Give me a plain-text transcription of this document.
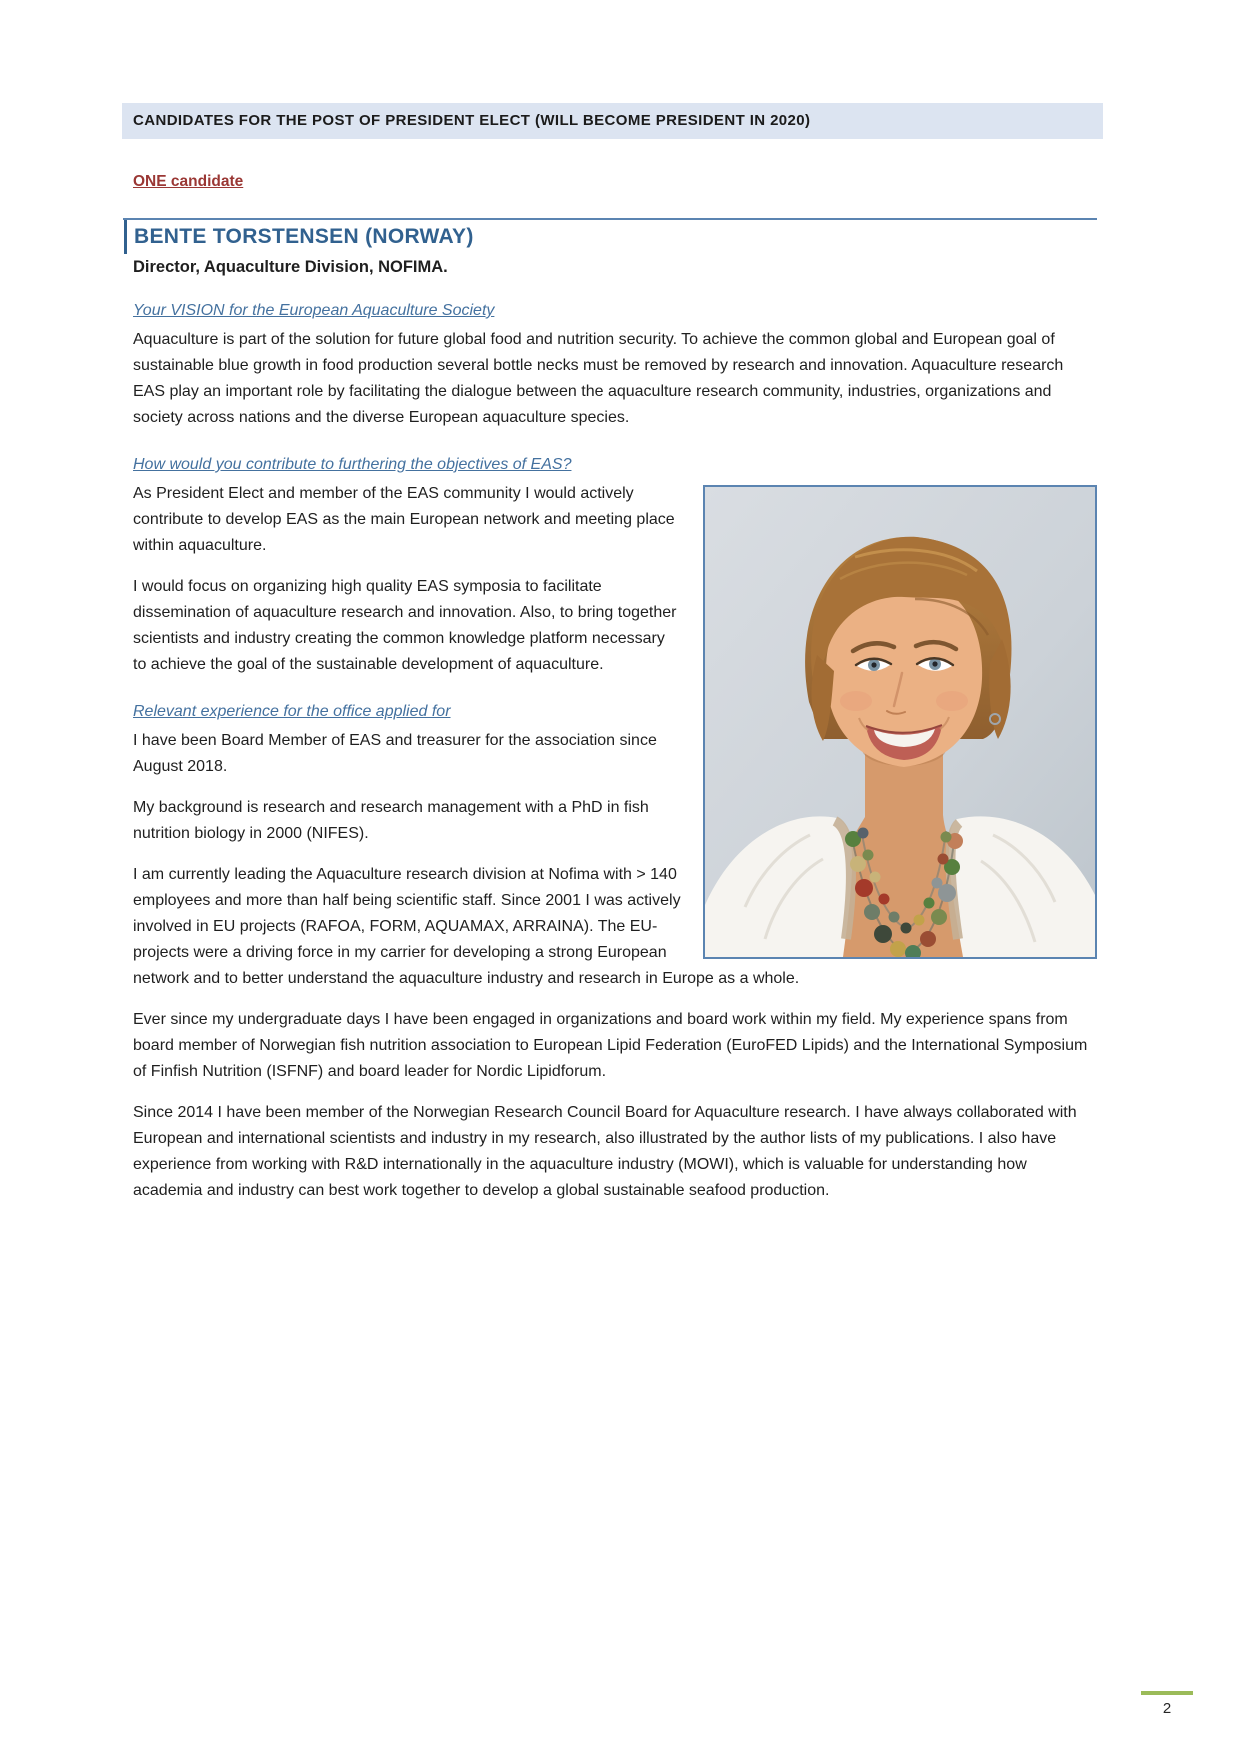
CANDIDATES FOR THE POST OF PRESIDENT ELECT (WILL BECOME PRESIDENT IN 2020)
ONE candidate
BENTE TORSTENSEN (NORWAY)
Director, Aquaculture Division, NOFIMA.
Your VISION for the European Aquaculture Society

Aquaculture is part of the solution for future global food and nutrition security. To achieve the common global and European goal of sustainable blue growth in food production several bottle necks must be removed by research and innovation. Aquaculture research EAS play an important role by facilitating the dialogue between the aquaculture research community, industries, organizations and society across nations and the diverse European aquaculture species.

How would you contribute to furthering the objectives of EAS?

As President Elect and member of the EAS community I would actively contribute to develop EAS as the main European network and meeting place within aquaculture.

I would focus on organizing high quality EAS symposia to facilitate dissemination of aquaculture research and innovation. Also, to bring together scientists and industry creating the common knowledge platform necessary to achieve the goal of the sustainable development of aquaculture.

Relevant experience for the office applied for

I have been Board Member of EAS and treasurer for the association since August 2018.

My background is research and research management with a PhD in fish nutrition biology in 2000 (NIFES).

I am currently leading the Aquaculture research division at Nofima with > 140 employees and more than half being scientific staff. Since 2001 I was actively involved in EU projects (RAFOA, FORM, AQUAMAX, ARRAINA). The EU-projects were a driving force in my carrier for developing a strong European network and to better understand the aquaculture industry and research in Europe as a whole.

Ever since my undergraduate days I have been engaged in organizations and board work within my field. My experience spans from board member of Norwegian fish nutrition association to European Lipid Federation (EuroFED Lipids) and the International Symposium of Finfish Nutrition (ISFNF) and board leader for Nordic Lipidforum.

Since 2014 I have been member of the Norwegian Research Council Board for Aquaculture research. I have always collaborated with European and international scientists and industry in my research, also illustrated by the author lists of my publications. I also have experience from working with R&D internationally in the aquaculture industry (MOWI), which is valuable for understanding how academia and industry can best work together to develop a global sustainable seafood production.

2
